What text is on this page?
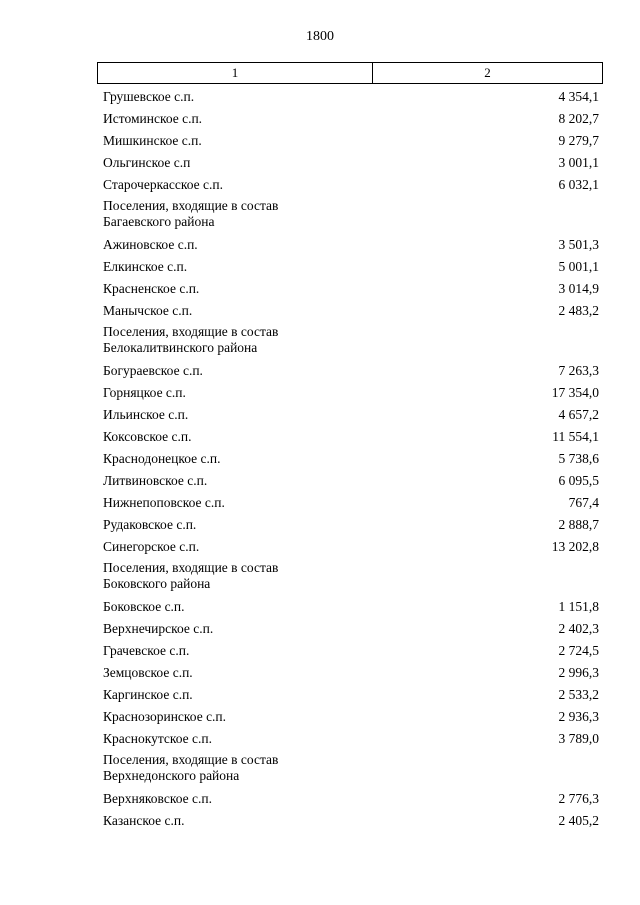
1800
1	2
Грушевское с.п.	4 354,1
Истоминское с.п.	8 202,7
Мишкинское с.п.	9 279,7
Ольгинское с.п	3 001,1
Старочеркасское с.п.	6 032,1
Поселения, входящие в состав
Багаевского района
Ажиновское с.п.	3 501,3
Елкинское с.п.	5 001,1
Красненское с.п.	3 014,9
Манычское с.п.	2 483,2
Поселения, входящие в состав
Белокалитвинского района
Богураевское с.п.	7 263,3
Горняцкое с.п.	17 354,0
Ильинское с.п.	4 657,2
Коксовское с.п.	11 554,1
Краснодонецкое с.п.	5 738,6
Литвиновское с.п.	6 095,5
Нижнепоповское с.п.	767,4
Рудаковское с.п.	2 888,7
Синегорское с.п.	13 202,8
Поселения, входящие в состав
Боковского района
Боковское с.п.	1 151,8
Верхнечирское с.п.	2 402,3
Грачевское с.п.	2 724,5
Земцовское с.п.	2 996,3
Каргинское с.п.	2 533,2
Краснозоринское с.п.	2 936,3
Краснокутское с.п.	3 789,0
Поселения, входящие в состав
Верхнедонского района
Верхняковское с.п.	2 776,3
Казанское с.п.	2 405,2
